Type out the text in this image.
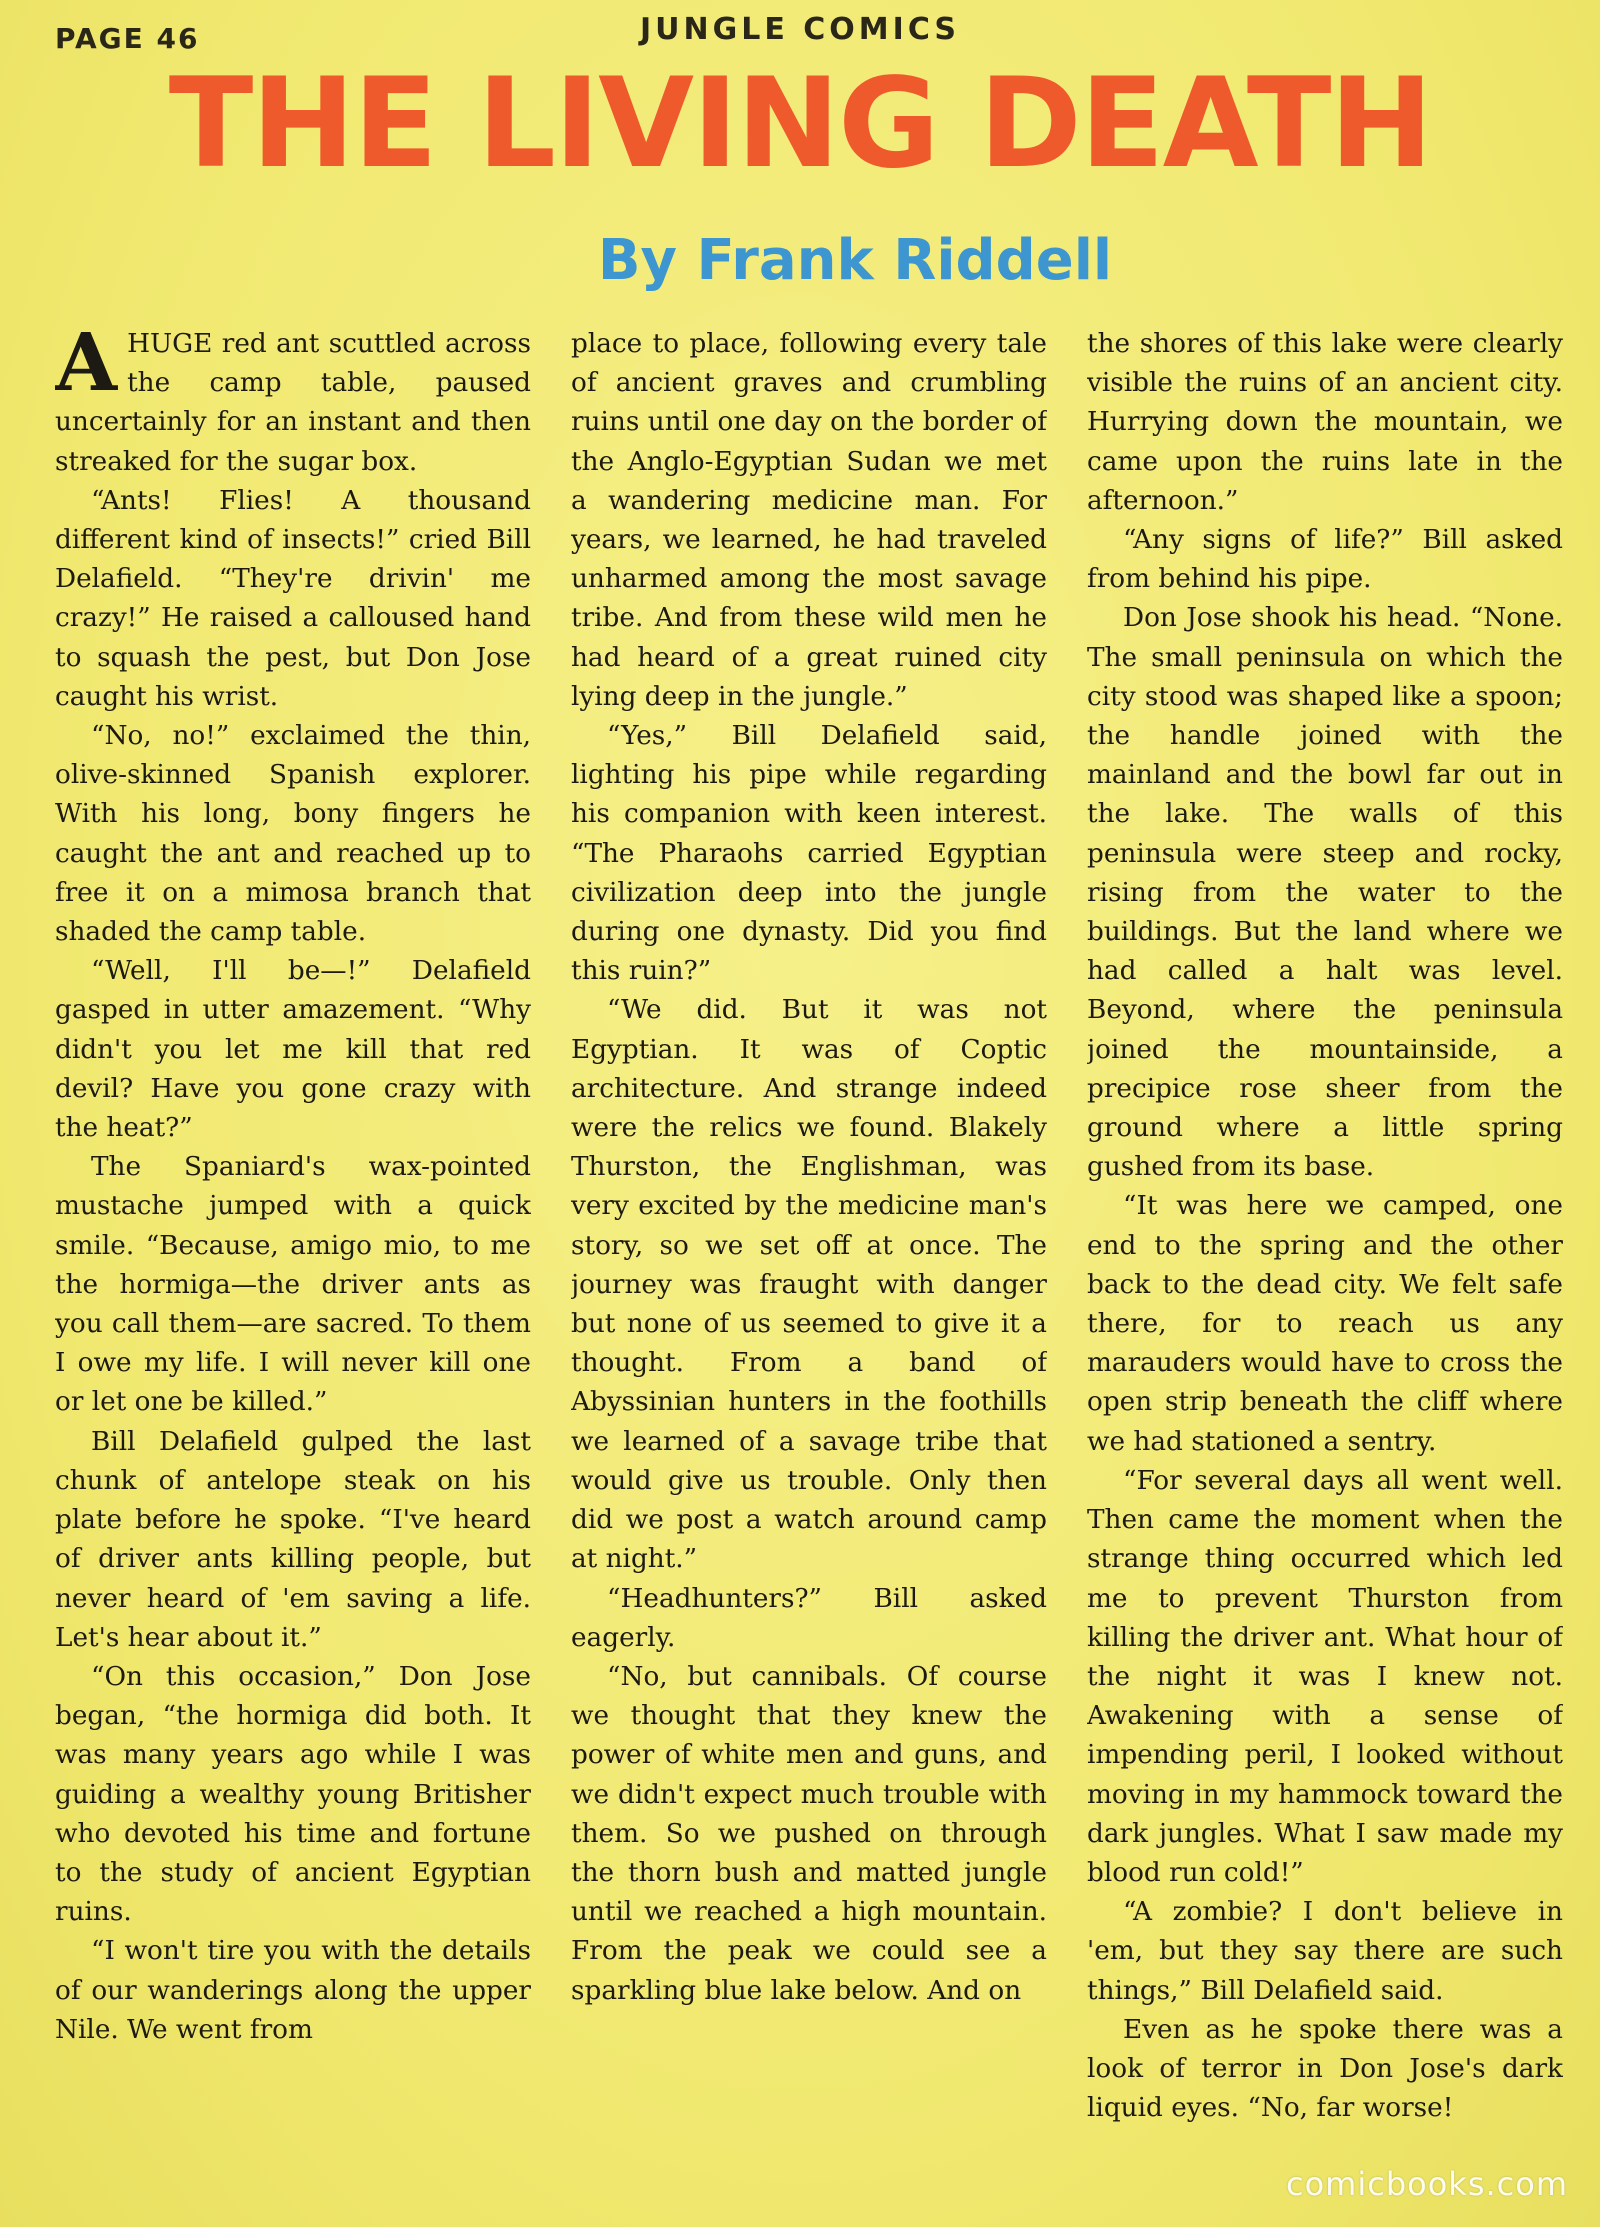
PAGE 46	JUNGLE COMICS
THE LIVING DEATH
By Frank Riddell

A HUGE red ant scuttled across the camp table, paused uncertainly for an instant and then streaked for the sugar box.

“Ants! Flies! A thousand different kind of insects!” cried Bill Delafield. “They're drivin' me crazy!” He raised a calloused hand to squash the pest, but Don Jose caught his wrist.

“No, no!” exclaimed the thin, olive-skinned Spanish explorer. With his long, bony fingers he caught the ant and reached up to free it on a mimosa branch that shaded the camp table.

“Well, I'll be—!” Delafield gasped in utter amazement. “Why didn't you let me kill that red devil? Have you gone crazy with the heat?”

The Spaniard's wax-pointed mustache jumped with a quick smile. “Because, amigo mio, to me the hormiga—the driver ants as you call them—are sacred. To them I owe my life. I will never kill one or let one be killed.”

Bill Delafield gulped the last chunk of antelope steak on his plate before he spoke. “I've heard of driver ants killing people, but never heard of 'em saving a life. Let's hear about it.”

“On this occasion,” Don Jose began, “the hormiga did both. It was many years ago while I was guiding a wealthy young Britisher who devoted his time and fortune to the study of ancient Egyptian ruins.

“I won't tire you with the details of our wanderings along the upper Nile. We went from

place to place, following every tale of ancient graves and crumbling ruins until one day on the border of the Anglo-Egyptian Sudan we met a wandering medicine man. For years, we learned, he had traveled unharmed among the most savage tribe. And from these wild men he had heard of a great ruined city lying deep in the jungle.”

“Yes,” Bill Delafield said, lighting his pipe while regarding his companion with keen interest. “The Pharaohs carried Egyptian civilization deep into the jungle during one dynasty. Did you find this ruin?”

“We did. But it was not Egyptian. It was of Coptic architecture. And strange indeed were the relics we found. Blakely Thurston, the Englishman, was very excited by the medicine man's story, so we set off at once. The journey was fraught with danger but none of us seemed to give it a thought. From a band of Abyssinian hunters in the foothills we learned of a savage tribe that would give us trouble. Only then did we post a watch around camp at night.”

“Headhunters?” Bill asked eagerly.

“No, but cannibals. Of course we thought that they knew the power of white men and guns, and we didn't expect much trouble with them. So we pushed on through the thorn bush and matted jungle until we reached a high mountain. From the peak we could see a sparkling blue lake below. And on

the shores of this lake were clearly visible the ruins of an ancient city. Hurrying down the mountain, we came upon the ruins late in the afternoon.”

“Any signs of life?” Bill asked from behind his pipe.

Don Jose shook his head. “None. The small peninsula on which the city stood was shaped like a spoon; the handle joined with the mainland and the bowl far out in the lake. The walls of this peninsula were steep and rocky, rising from the water to the buildings. But the land where we had called a halt was level. Beyond, where the peninsula joined the mountainside, a precipice rose sheer from the ground where a little spring gushed from its base.

“It was here we camped, one end to the spring and the other back to the dead city. We felt safe there, for to reach us any marauders would have to cross the open strip beneath the cliff where we had stationed a sentry.

“For several days all went well. Then came the moment when the strange thing occurred which led me to prevent Thurston from killing the driver ant. What hour of the night it was I knew not. Awakening with a sense of impending peril, I looked without moving in my hammock toward the dark jungles. What I saw made my blood run cold!”

“A zombie? I don't believe in 'em, but they say there are such things,” Bill Delafield said.

Even as he spoke there was a look of terror in Don Jose's dark liquid eyes. “No, far worse!

comicbooks.com
